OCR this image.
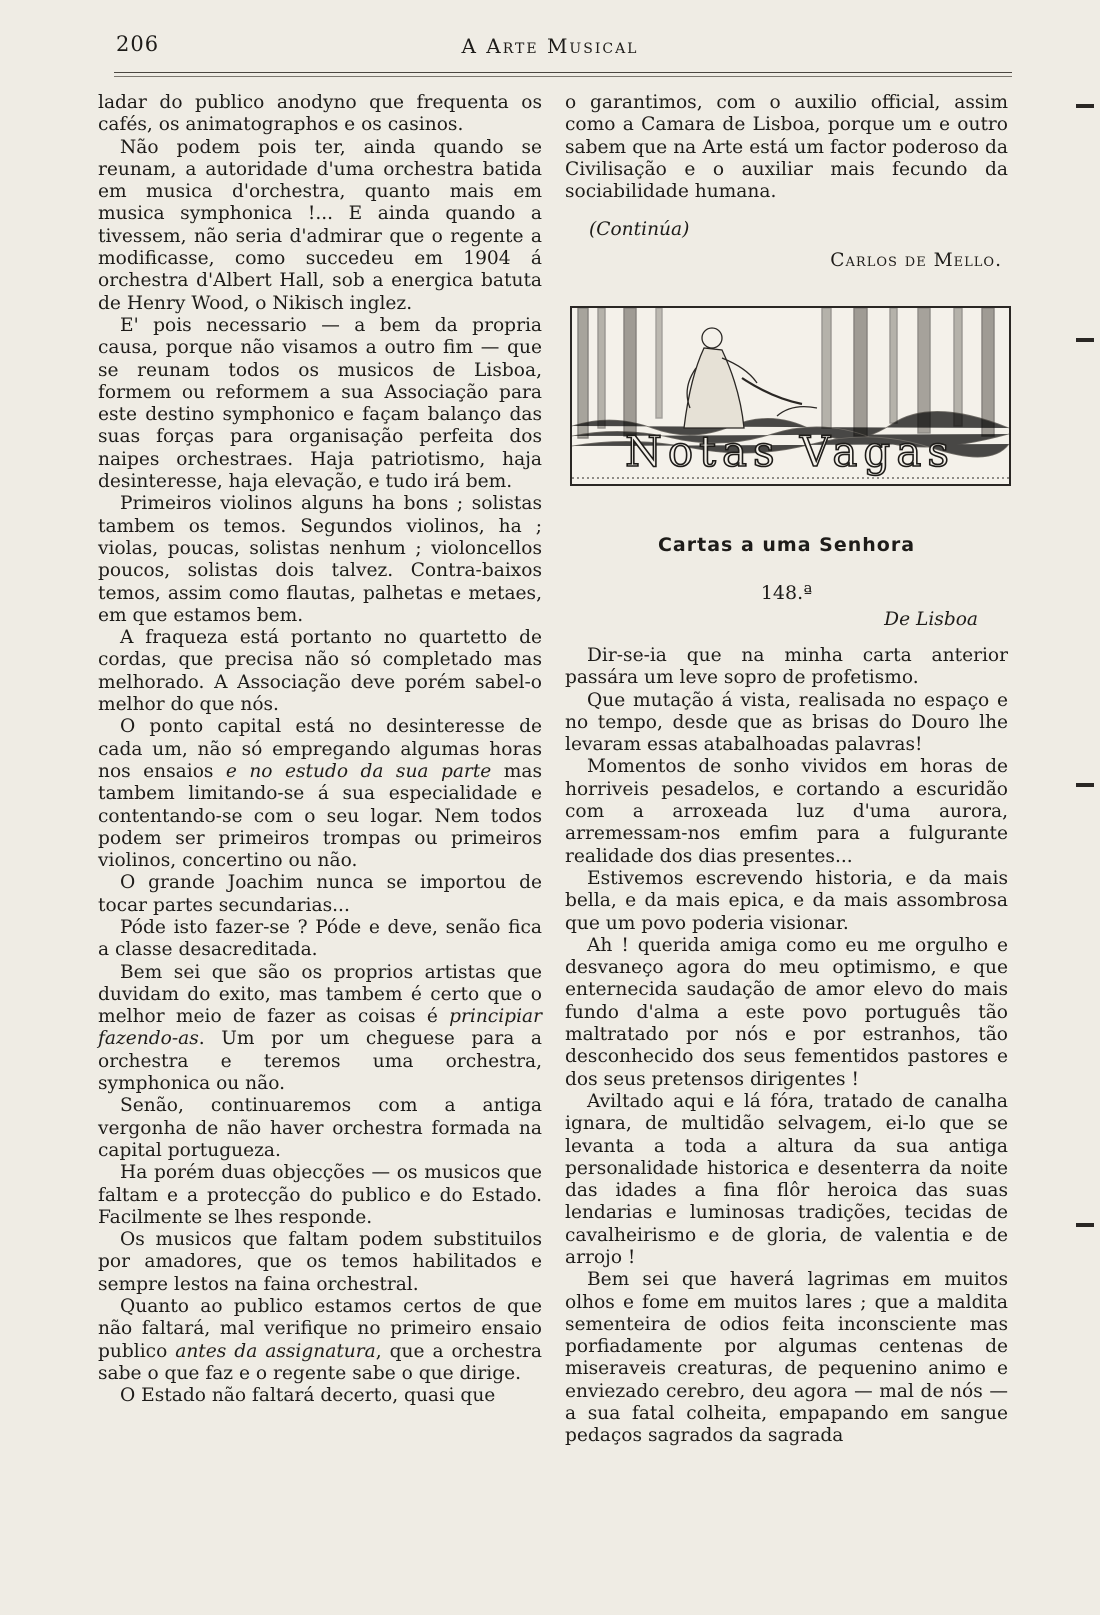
206	A Arte Musical

ladar do publico anodyno que frequenta os cafés, os animatographos e os casinos.

Não podem pois ter, ainda quando se reunam, a autoridade d'uma orchestra batida em musica d'orchestra, quanto mais em musica symphonica !... E ainda quando a tivessem, não seria d'admirar que o regente a modificasse, como succedeu em 1904 á orchestra d'Albert Hall, sob a energica batuta de Henry Wood, o Nikisch inglez.

E' pois necessario — a bem da propria causa, porque não visamos a outro fim — que se reunam todos os musicos de Lisboa, formem ou reformem a sua Associação para este destino symphonico e façam balanço das suas forças para organisação perfeita dos naipes orchestraes. Haja patriotismo, haja desinteresse, haja elevação, e tudo irá bem.

Primeiros violinos alguns ha bons ; solistas tambem os temos. Segundos violinos, ha ; violas, poucas, solistas nenhum ; violoncellos poucos, solistas dois talvez. Contra-baixos temos, assim como flautas, palhetas e metaes, em que estamos bem.

A fraqueza está portanto no quartetto de cordas, que precisa não só completado mas melhorado. A Associação deve porém sabel-o melhor do que nós.

O ponto capital está no desinteresse de cada um, não só empregando algumas horas nos ensaios e no estudo da sua parte mas tambem limitando-se á sua especialidade e contentando-se com o seu logar. Nem todos podem ser primeiros trompas ou primeiros violinos, concertino ou não.

O grande Joachim nunca se importou de tocar partes secundarias...

Póde isto fazer-se ? Póde e deve, senão fica a classe desacreditada.

Bem sei que são os proprios artistas que duvidam do exito, mas tambem é certo que o melhor meio de fazer as coisas é principiar fazendo-as. Um por um cheguese para a orchestra e teremos uma orchestra, symphonica ou não.

Senão, continuaremos com a antiga vergonha de não haver orchestra formada na capital portugueza.

Ha porém duas objecções — os musicos que faltam e a protecção do publico e do Estado. Facilmente se lhes responde.

Os musicos que faltam podem substituilos por amadores, que os temos habilitados e sempre lestos na faina orchestral.

Quanto ao publico estamos certos de que não faltará, mal verifique no primeiro ensaio publico antes da assignatura, que a orchestra sabe o que faz e o regente sabe o que dirige.

O Estado não faltará decerto, quasi que

o garantimos, com o auxilio official, assim como a Camara de Lisboa, porque um e outro sabem que na Arte está um factor poderoso da Civilisação e o auxiliar mais fecundo da sociabilidade humana.

(Continúa)

Carlos de Mello.

Notas Vagas

Cartas a uma Senhora

148.ª

De Lisboa

Dir-se-ia que na minha carta anterior passára um leve sopro de profetismo.

Que mutação á vista, realisada no espaço e no tempo, desde que as brisas do Douro lhe levaram essas atabalhoadas palavras!

Momentos de sonho vividos em horas de horriveis pesadelos, e cortando a escuridão com a arroxeada luz d'uma aurora, arremessam-nos emfim para a fulgurante realidade dos dias presentes...

Estivemos escrevendo historia, e da mais bella, e da mais epica, e da mais assombrosa que um povo poderia visionar.

Ah ! querida amiga como eu me orgulho e desvaneço agora do meu optimismo, e que enternecida saudação de amor elevo do mais fundo d'alma a este povo português tão maltratado por nós e por estranhos, tão desconhecido dos seus fementidos pastores e dos seus pretensos dirigentes !

Aviltado aqui e lá fóra, tratado de canalha ignara, de multidão selvagem, ei-lo que se levanta a toda a altura da sua antiga personalidade historica e desenterra da noite das idades a fina flôr heroica das suas lendarias e luminosas tradições, tecidas de cavalheirismo e de gloria, de valentia e de arrojo !

Bem sei que haverá lagrimas em muitos olhos e fome em muitos lares ; que a maldita sementeira de odios feita inconsciente mas porfiadamente por algumas centenas de miseraveis creaturas, de pequenino animo e enviezado cerebro, deu agora — mal de nós — a sua fatal colheita, empapando em sangue pedaços sagrados da sagrada
